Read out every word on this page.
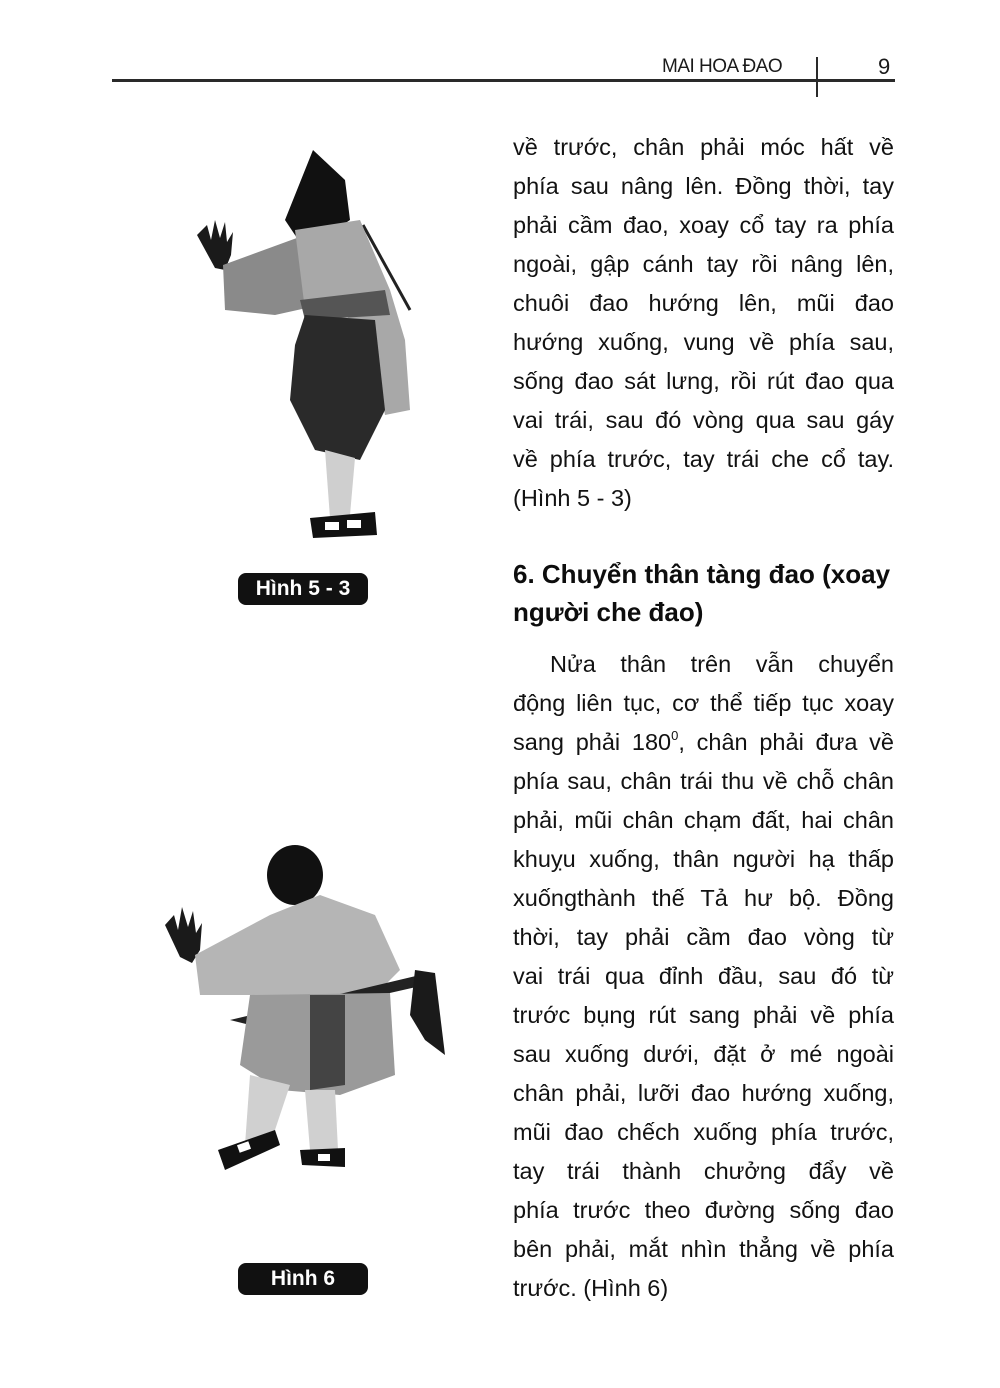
MAI HOA ĐAO	9
Hình 5 - 3
Hình 6
về trước, chân phải móc hất về
phía sau nâng lên. Đồng thời, tay
phải cầm đao, xoay cổ tay ra phía
ngoài, gập cánh tay rồi nâng lên,
chuôi đao hướng lên, mũi đao
hướng xuống, vung về phía sau,
sống đao sát lưng, rồi rút đao qua
vai trái, sau đó vòng qua sau gáy
về phía trước, tay trái che cổ tay.
(Hình 5 - 3)
6. Chuyển thân tàng đao (xoay
người che đao)
Nửa thân trên vẫn chuyển
động liên tục, cơ thể tiếp tục xoay
sang phải $180^0$, chân phải đưa về
phía sau, chân trái thu về chỗ chân
phải, mũi chân chạm đất, hai chân
khuỵu xuống, thân người hạ thấp
xuốngthành thế Tả hư bộ. Đồng
thời, tay phải cầm đao vòng từ
vai trái qua đỉnh đầu, sau đó từ
trước bụng rút sang phải về phía
sau xuống dưới, đặt ở mé ngoài
chân phải, lưỡi đao hướng xuống,
mũi đao chếch xuống phía trước,
tay trái thành chưởng đẩy về
phía trước theo đường sống đao
bên phải, mắt nhìn thẳng về phía
trước. (Hình 6)
